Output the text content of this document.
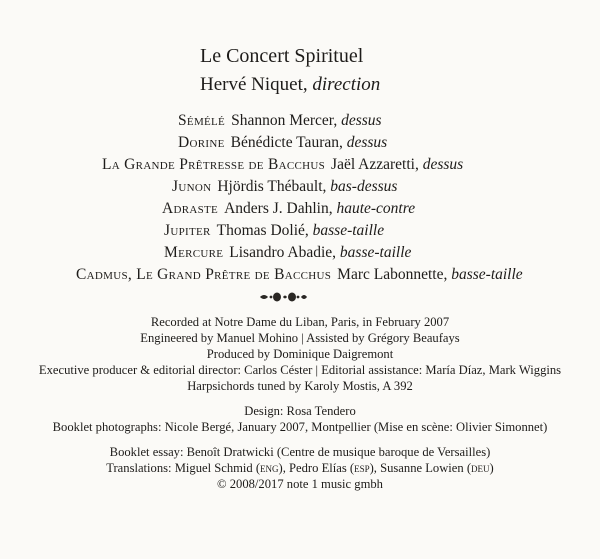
Le Concert Spirituel
Hervé Niquet, direction
Sémélé Shannon Mercer, dessus
Dorine Bénédicte Tauran, dessus
La Grande Prêtresse de Bacchus Jaël Azzaretti, dessus
Junon Hjördis Thébault, bas-dessus
Adraste Anders J. Dahlin, haute-contre
Jupiter Thomas Dolié, basse-taille
Mercure Lisandro Abadie, basse-taille
Cadmus, Le Grand Prêtre de Bacchus Marc Labonnette, basse-taille
Recorded at Notre Dame du Liban, Paris, in February 2007
Engineered by Manuel Mohino | Assisted by Grégory Beaufays
Produced by Dominique Daigremont
Executive producer & editorial director: Carlos Céster | Editorial assistance: María Díaz, Mark Wiggins
Harpsichords tuned by Karoly Mostis, A 392
Design: Rosa Tendero
Booklet photographs: Nicole Bergé, January 2007, Montpellier (Mise en scène: Olivier Simonnet)
Booklet essay: Benoît Dratwicki (Centre de musique baroque de Versailles)
Translations: Miguel Schmid (eng), Pedro Elías (esp), Susanne Lowien (deu)
© 2008/2017 note 1 music gmbh
